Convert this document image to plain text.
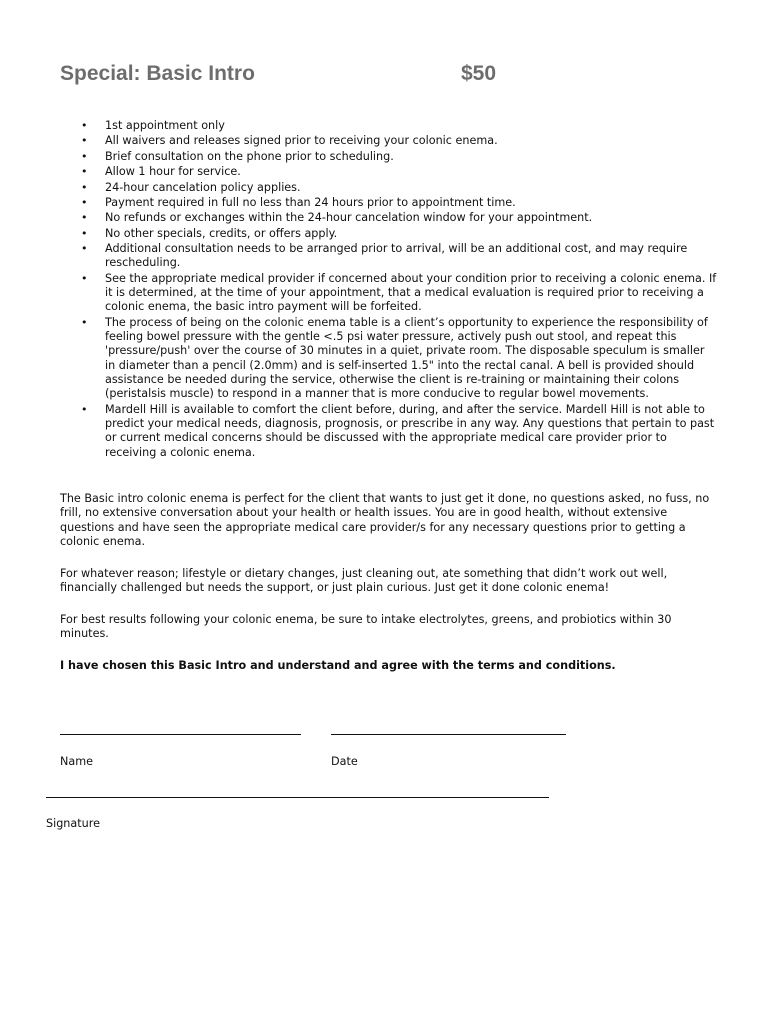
Special: Basic Intro	$50
• 1st appointment only
• All waivers and releases signed prior to receiving your colonic enema.
• Brief consultation on the phone prior to scheduling.
• Allow 1 hour for service.
• 24-hour cancelation policy applies.
• Payment required in full no less than 24 hours prior to appointment time.
• No refunds or exchanges within the 24-hour cancelation window for your appointment.
• No other specials, credits, or offers apply.
• Additional consultation needs to be arranged prior to arrival, will be an additional cost, and may require rescheduling.
• See the appropriate medical provider if concerned about your condition prior to receiving a colonic enema. If it is determined, at the time of your appointment, that a medical evaluation is required prior to receiving a colonic enema, the basic intro payment will be forfeited.
• The process of being on the colonic enema table is a client’s opportunity to experience the responsibility of feeling bowel pressure with the gentle <.5 psi water pressure, actively push out stool, and repeat this 'pressure/push' over the course of 30 minutes in a quiet, private room. The disposable speculum is smaller in diameter than a pencil (2.0mm) and is self-inserted 1.5" into the rectal canal. A bell is provided should assistance be needed during the service, otherwise the client is re-training or maintaining their colons (peristalsis muscle) to respond in a manner that is more conducive to regular bowel movements.
• Mardell Hill is available to comfort the client before, during, and after the service. Mardell Hill is not able to predict your medical needs, diagnosis, prognosis, or prescribe in any way. Any questions that pertain to past or current medical concerns should be discussed with the appropriate medical care provider prior to receiving a colonic enema.

The Basic intro colonic enema is perfect for the client that wants to just get it done, no questions asked, no fuss, no frill, no extensive conversation about your health or health issues. You are in good health, without extensive questions and have seen the appropriate medical care provider/s for any necessary questions prior to getting a colonic enema.

For whatever reason; lifestyle or dietary changes, just cleaning out, ate something that didn’t work out well, financially challenged but needs the support, or just plain curious. Just get it done colonic enema!

For best results following your colonic enema, be sure to intake electrolytes, greens, and probiotics within 30 minutes.

I have chosen this Basic Intro and understand and agree with the terms and conditions.

Name	Date
Signature
